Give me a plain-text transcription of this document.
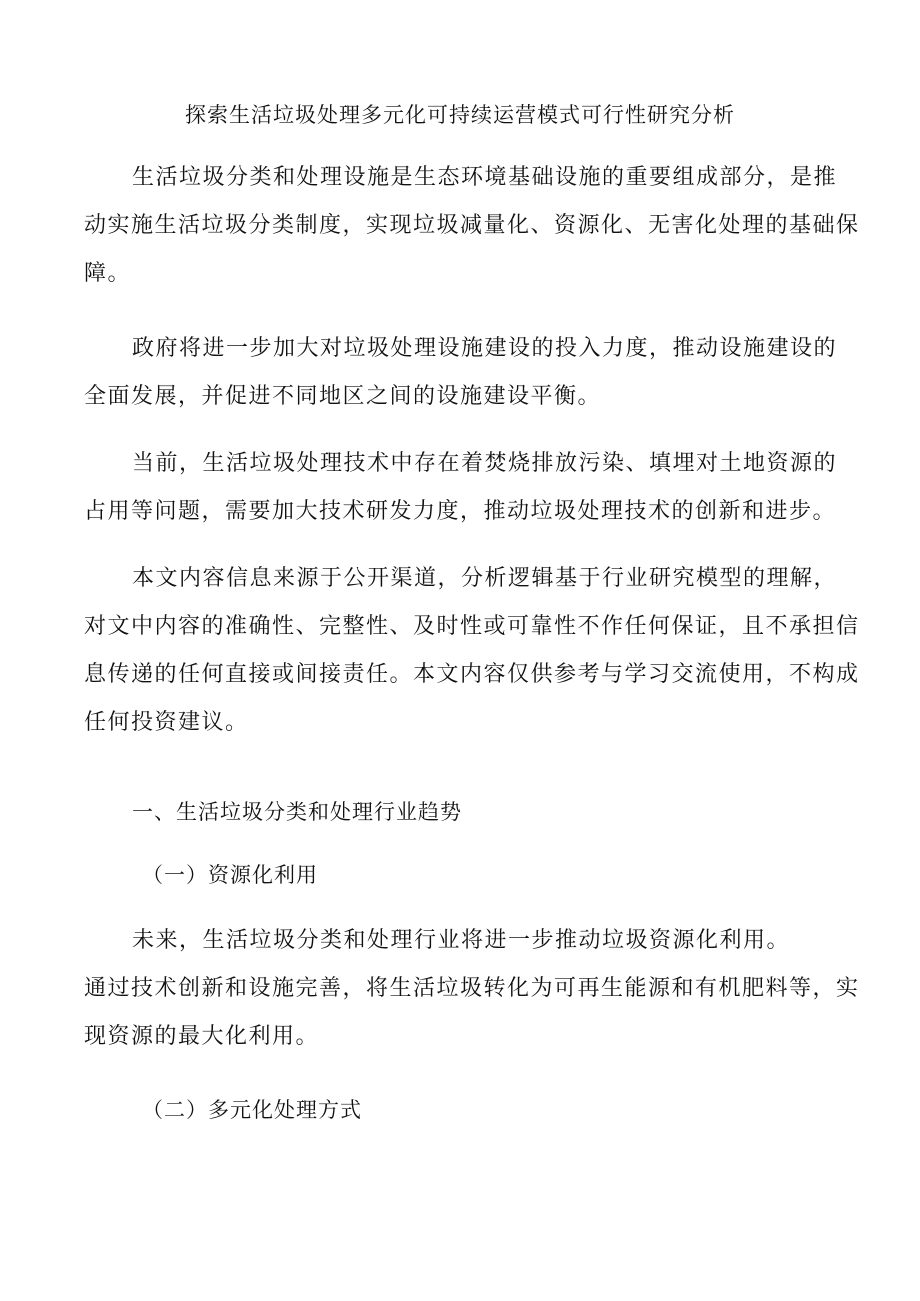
探索生活垃圾处理多元化可持续运营模式可行性研究分析
生活垃圾分类和处理设施是生态环境基础设施的重要组成部分，是推
动实施生活垃圾分类制度，实现垃圾减量化、资源化、无害化处理的基础保
障。
政府将进一步加大对垃圾处理设施建设的投入力度，推动设施建设的
全面发展，并促进不同地区之间的设施建设平衡。
当前，生活垃圾处理技术中存在着焚烧排放污染、填埋对土地资源的
占用等问题，需要加大技术研发力度，推动垃圾处理技术的创新和进步。
本文内容信息来源于公开渠道，分析逻辑基于行业研究模型的理解，
对文中内容的准确性、完整性、及时性或可靠性不作任何保证，且不承担信
息传递的任何直接或间接责任。本文内容仅供参考与学习交流使用，不构成
任何投资建议。
一、生活垃圾分类和处理行业趋势
（一）资源化利用
未来，生活垃圾分类和处理行业将进一步推动垃圾资源化利用。
通过技术创新和设施完善，将生活垃圾转化为可再生能源和有机肥料等，实
现资源的最大化利用。
（二）多元化处理方式
